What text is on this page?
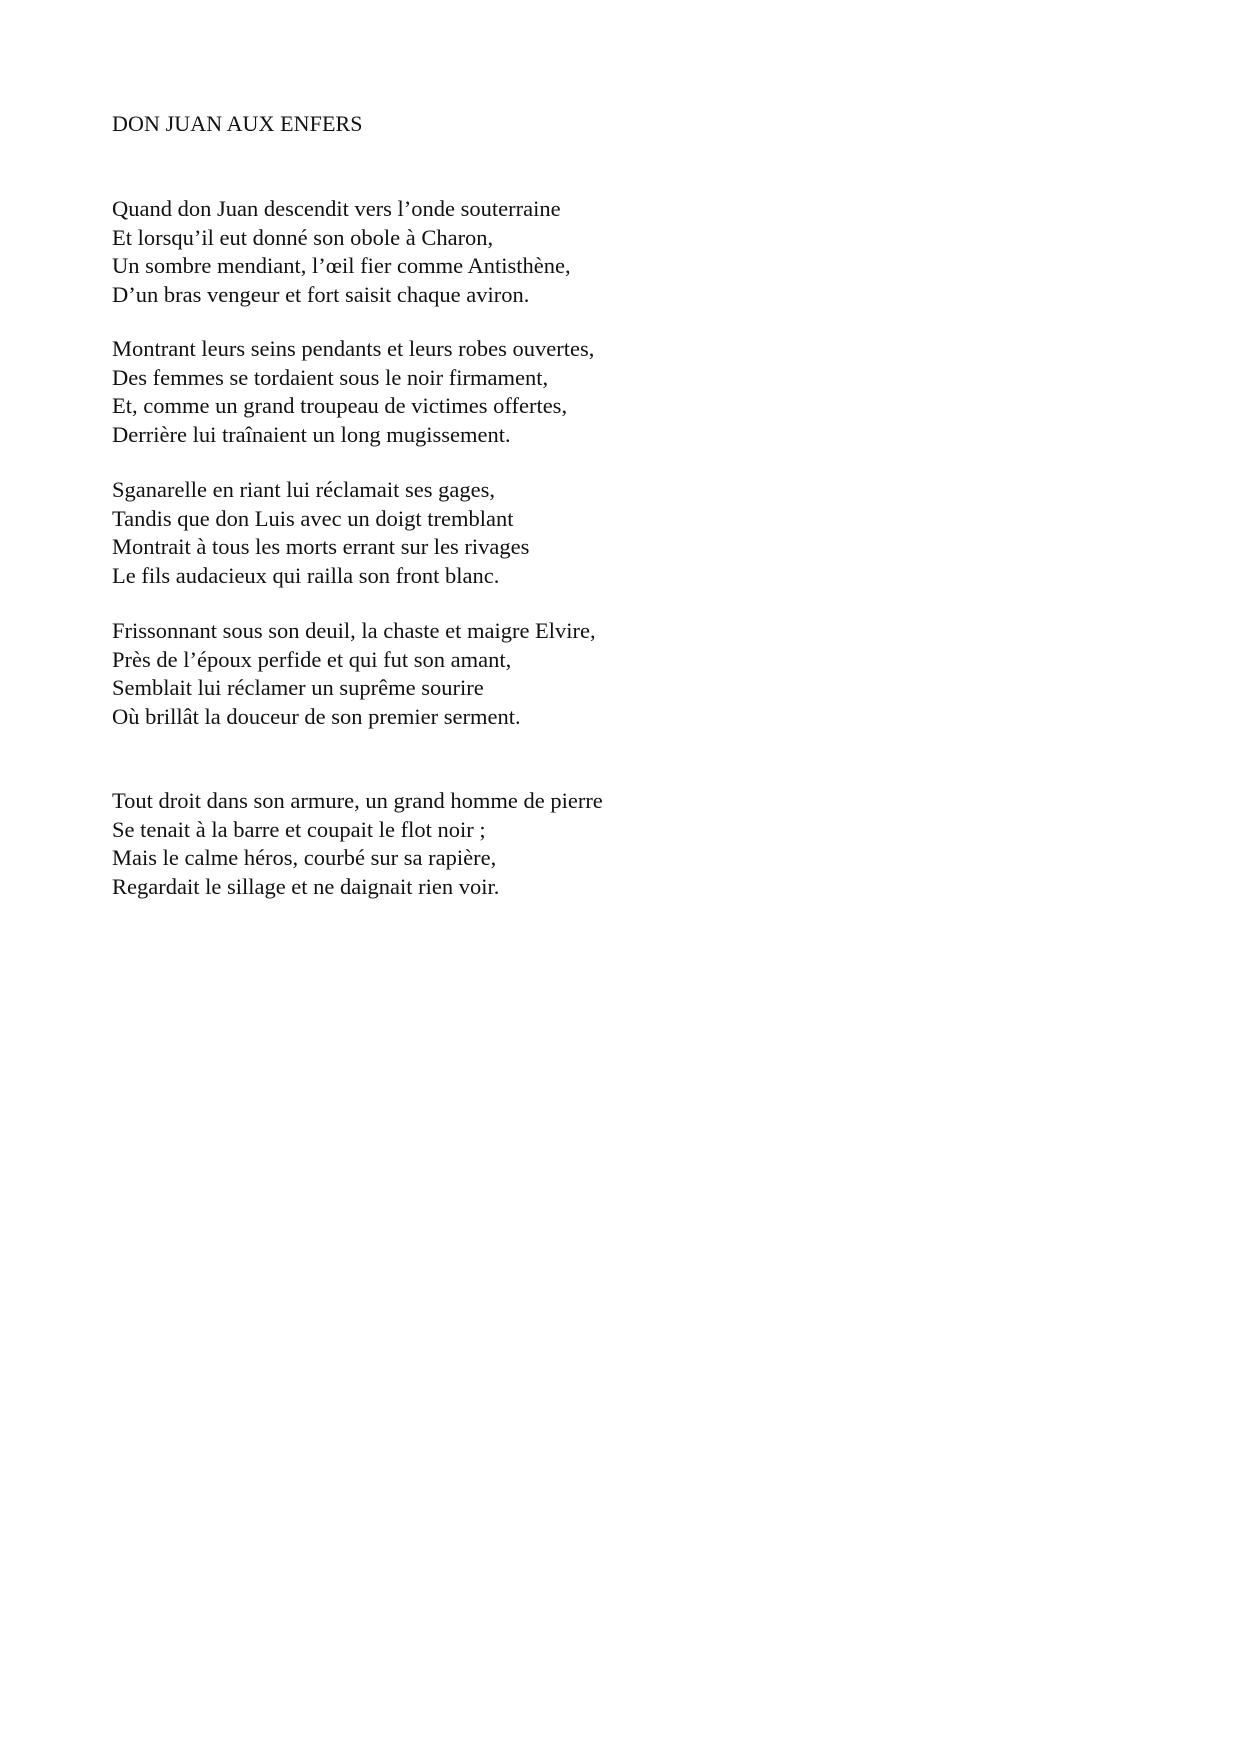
DON JUAN AUX ENFERS
Quand don Juan descendit vers l’onde souterraine
Et lorsqu’il eut donné son obole à Charon,
Un sombre mendiant, l’œil fier comme Antisthène,
D’un bras vengeur et fort saisit chaque aviron.
Montrant leurs seins pendants et leurs robes ouvertes,
Des femmes se tordaient sous le noir firmament,
Et, comme un grand troupeau de victimes offertes,
Derrière lui traînaient un long mugissement.
Sganarelle en riant lui réclamait ses gages,
Tandis que don Luis avec un doigt tremblant
Montrait à tous les morts errant sur les rivages
Le fils audacieux qui railla son front blanc.
Frissonnant sous son deuil, la chaste et maigre Elvire,
Près de l’époux perfide et qui fut son amant,
Semblait lui réclamer un suprême sourire
Où brillât la douceur de son premier serment.
Tout droit dans son armure, un grand homme de pierre
Se tenait à la barre et coupait le flot noir ;
Mais le calme héros, courbé sur sa rapière,
Regardait le sillage et ne daignait rien voir.
